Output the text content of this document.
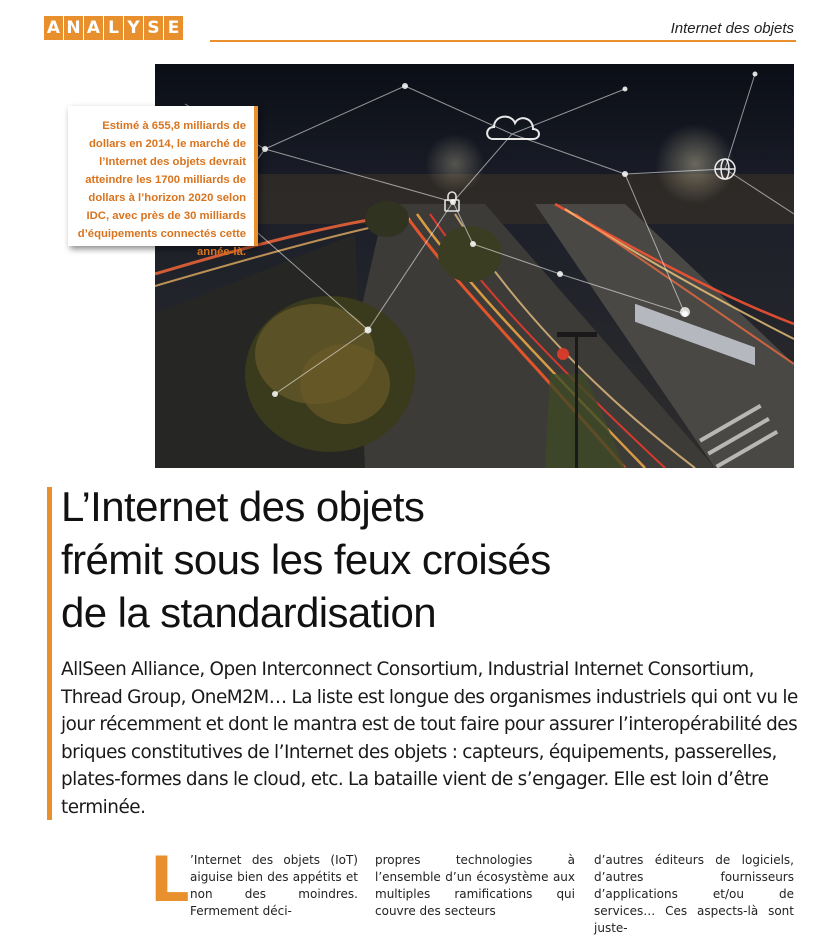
A N A L Y S E	Internet des objets
Estimé à 655,8 milliards de dollars en 2014, le marché de l’Internet des objets devrait atteindre les 1700 milliards de dollars à l’horizon 2020 selon IDC, avec près de 30 milliards d’équipements connectés cette année-là.
L’Internet des objets
frémit sous les feux croisés
de la standardisation

AllSeen Alliance, Open Interconnect Consortium, Industrial Internet Consortium, Thread Group, OneM2M… La liste est longue des organismes industriels qui ont vu le jour récemment et dont le mantra est de tout faire pour assurer l’interopérabilité des briques constitutives de l’Internet des objets : capteurs, équipements, passerelles, plates-formes dans le cloud, etc. La bataille vient de s’engager. Elle est loin d’être terminée.

L ’Internet des objets (IoT) aiguise bien des appétits et non des moindres. Fermement déci-
propres technologies à l’ensemble d’un écosystème aux multiples ramifications qui couvre des secteurs
d’autres éditeurs de logiciels, d’autres fournisseurs d’applications et/ou de services… Ces aspects-là sont juste-
